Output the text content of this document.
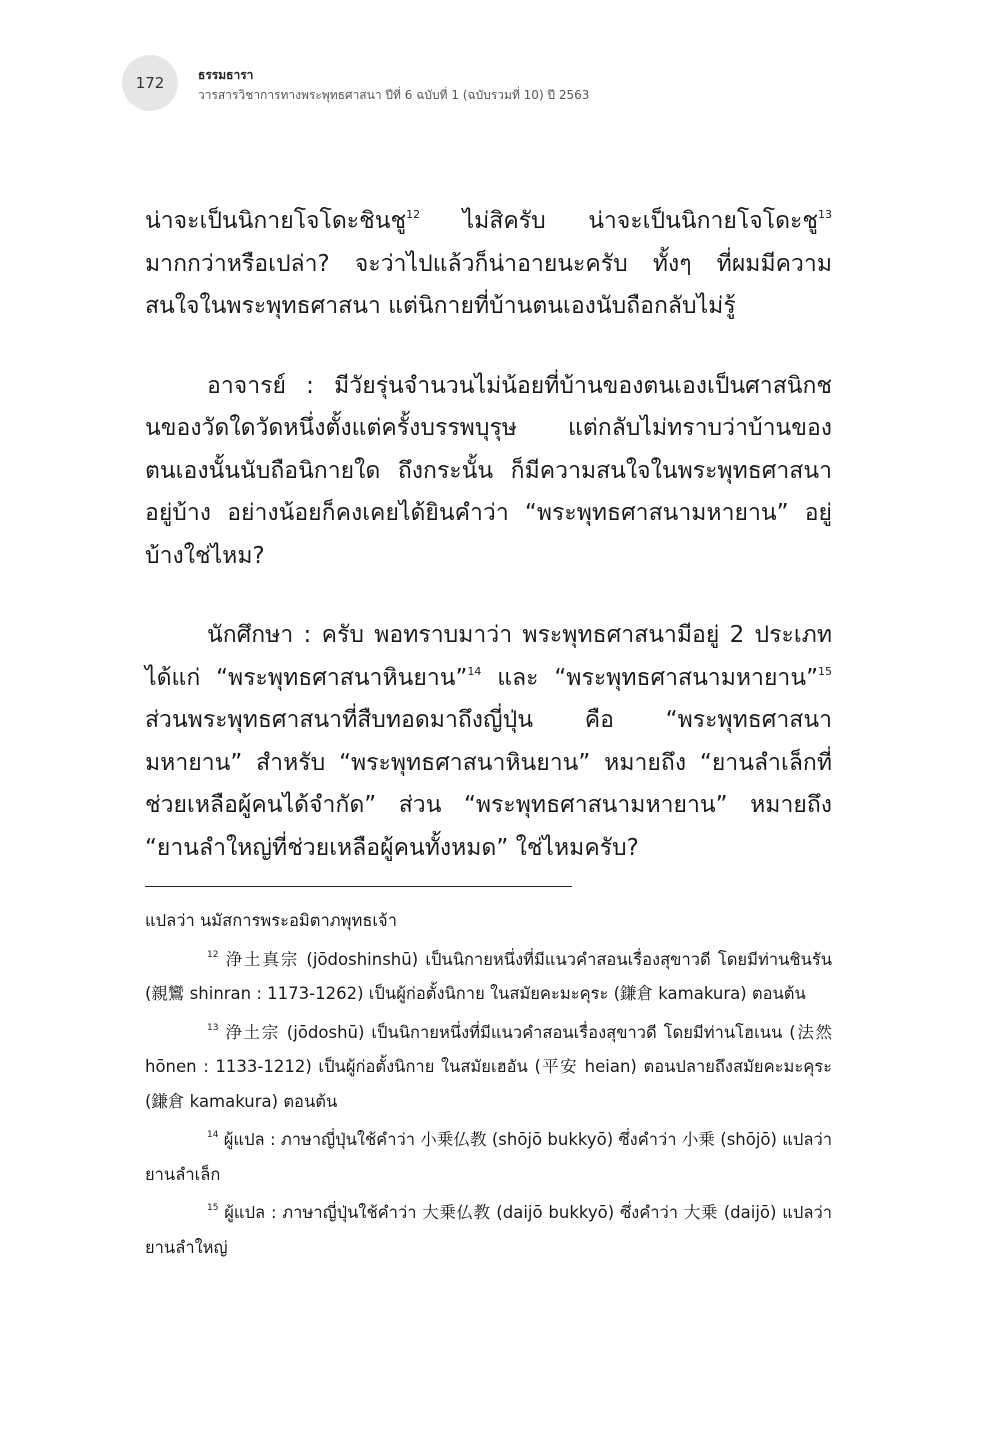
172	ธรรมธารา
วารสารวิชาการทางพระพุทธศาสนา ปีที่ 6 ฉบับที่ 1 (ฉบับรวมที่ 10) ปี 2563

น่าจะเป็นนิกายโจโดะชินชู$^{12}$ ไม่สิครับ น่าจะเป็นนิกายโจโดะชู$^{13}$ มากกว่าหรือเปล่า? จะว่าไปแล้วก็น่าอายนะครับ ทั้งๆ ที่ผมมีความสนใจในพระพุทธศาสนา แต่นิกายที่บ้านตนเองนับถือกลับไม่รู้

อาจารย์ : มีวัยรุ่นจำนวนไม่น้อยที่บ้านของตนเองเป็นศาสนิกชนของวัดใดวัดหนึ่งตั้งแต่ครั้งบรรพบุรุษ แต่กลับไม่ทราบว่าบ้านของตนเองนั้นนับถือนิกายใด ถึงกระนั้น ก็มีความสนใจในพระพุทธศาสนาอยู่บ้าง อย่างน้อยก็คงเคยได้ยินคำว่า “พระพุทธศาสนามหายาน” อยู่บ้างใช่ไหม?

นักศึกษา : ครับ พอทราบมาว่า พระพุทธศาสนามีอยู่ 2 ประเภท ได้แก่ “พระพุทธศาสนาหินยาน”$^{14}$ และ “พระพุทธศาสนามหายาน”$^{15}$ ส่วนพระพุทธศาสนาที่สืบทอดมาถึงญี่ปุ่น คือ “พระพุทธศาสนามหายาน” สำหรับ “พระพุทธศาสนาหินยาน” หมายถึง “ยานลำเล็กที่ช่วยเหลือผู้คนได้จำกัด” ส่วน “พระพุทธศาสนามหายาน” หมายถึง “ยานลำใหญ่ที่ช่วยเหลือผู้คนทั้งหมด” ใช่ไหมครับ?

แปลว่า นมัสการพระอมิตาภพุทธเจ้า

$^{12}$ 浄土真宗 (jōdoshinshū) เป็นนิกายหนึ่งที่มีแนวคำสอนเรื่องสุขาวดี โดยมีท่านชินรัน (親鸞 shinran : 1173-1262) เป็นผู้ก่อตั้งนิกาย ในสมัยคะมะคุระ (鎌倉 kamakura) ตอนต้น

$^{13}$ 浄土宗 (jōdoshū) เป็นนิกายหนึ่งที่มีแนวคำสอนเรื่องสุขาวดี โดยมีท่านโฮเนน (法然 hōnen : 1133-1212) เป็นผู้ก่อตั้งนิกาย ในสมัยเฮอัน (平安 heian) ตอนปลายถึงสมัยคะมะคุระ (鎌倉 kamakura) ตอนต้น

$^{14}$ ผู้แปล : ภาษาญี่ปุ่นใช้คำว่า 小乗仏教 (shōjō bukkyō) ซึ่งคำว่า 小乗 (shōjō) แปลว่า ยานลำเล็ก

$^{15}$ ผู้แปล : ภาษาญี่ปุ่นใช้คำว่า 大乗仏教 (daijō bukkyō) ซึ่งคำว่า 大乗 (daijō) แปลว่า ยานลำใหญ่
